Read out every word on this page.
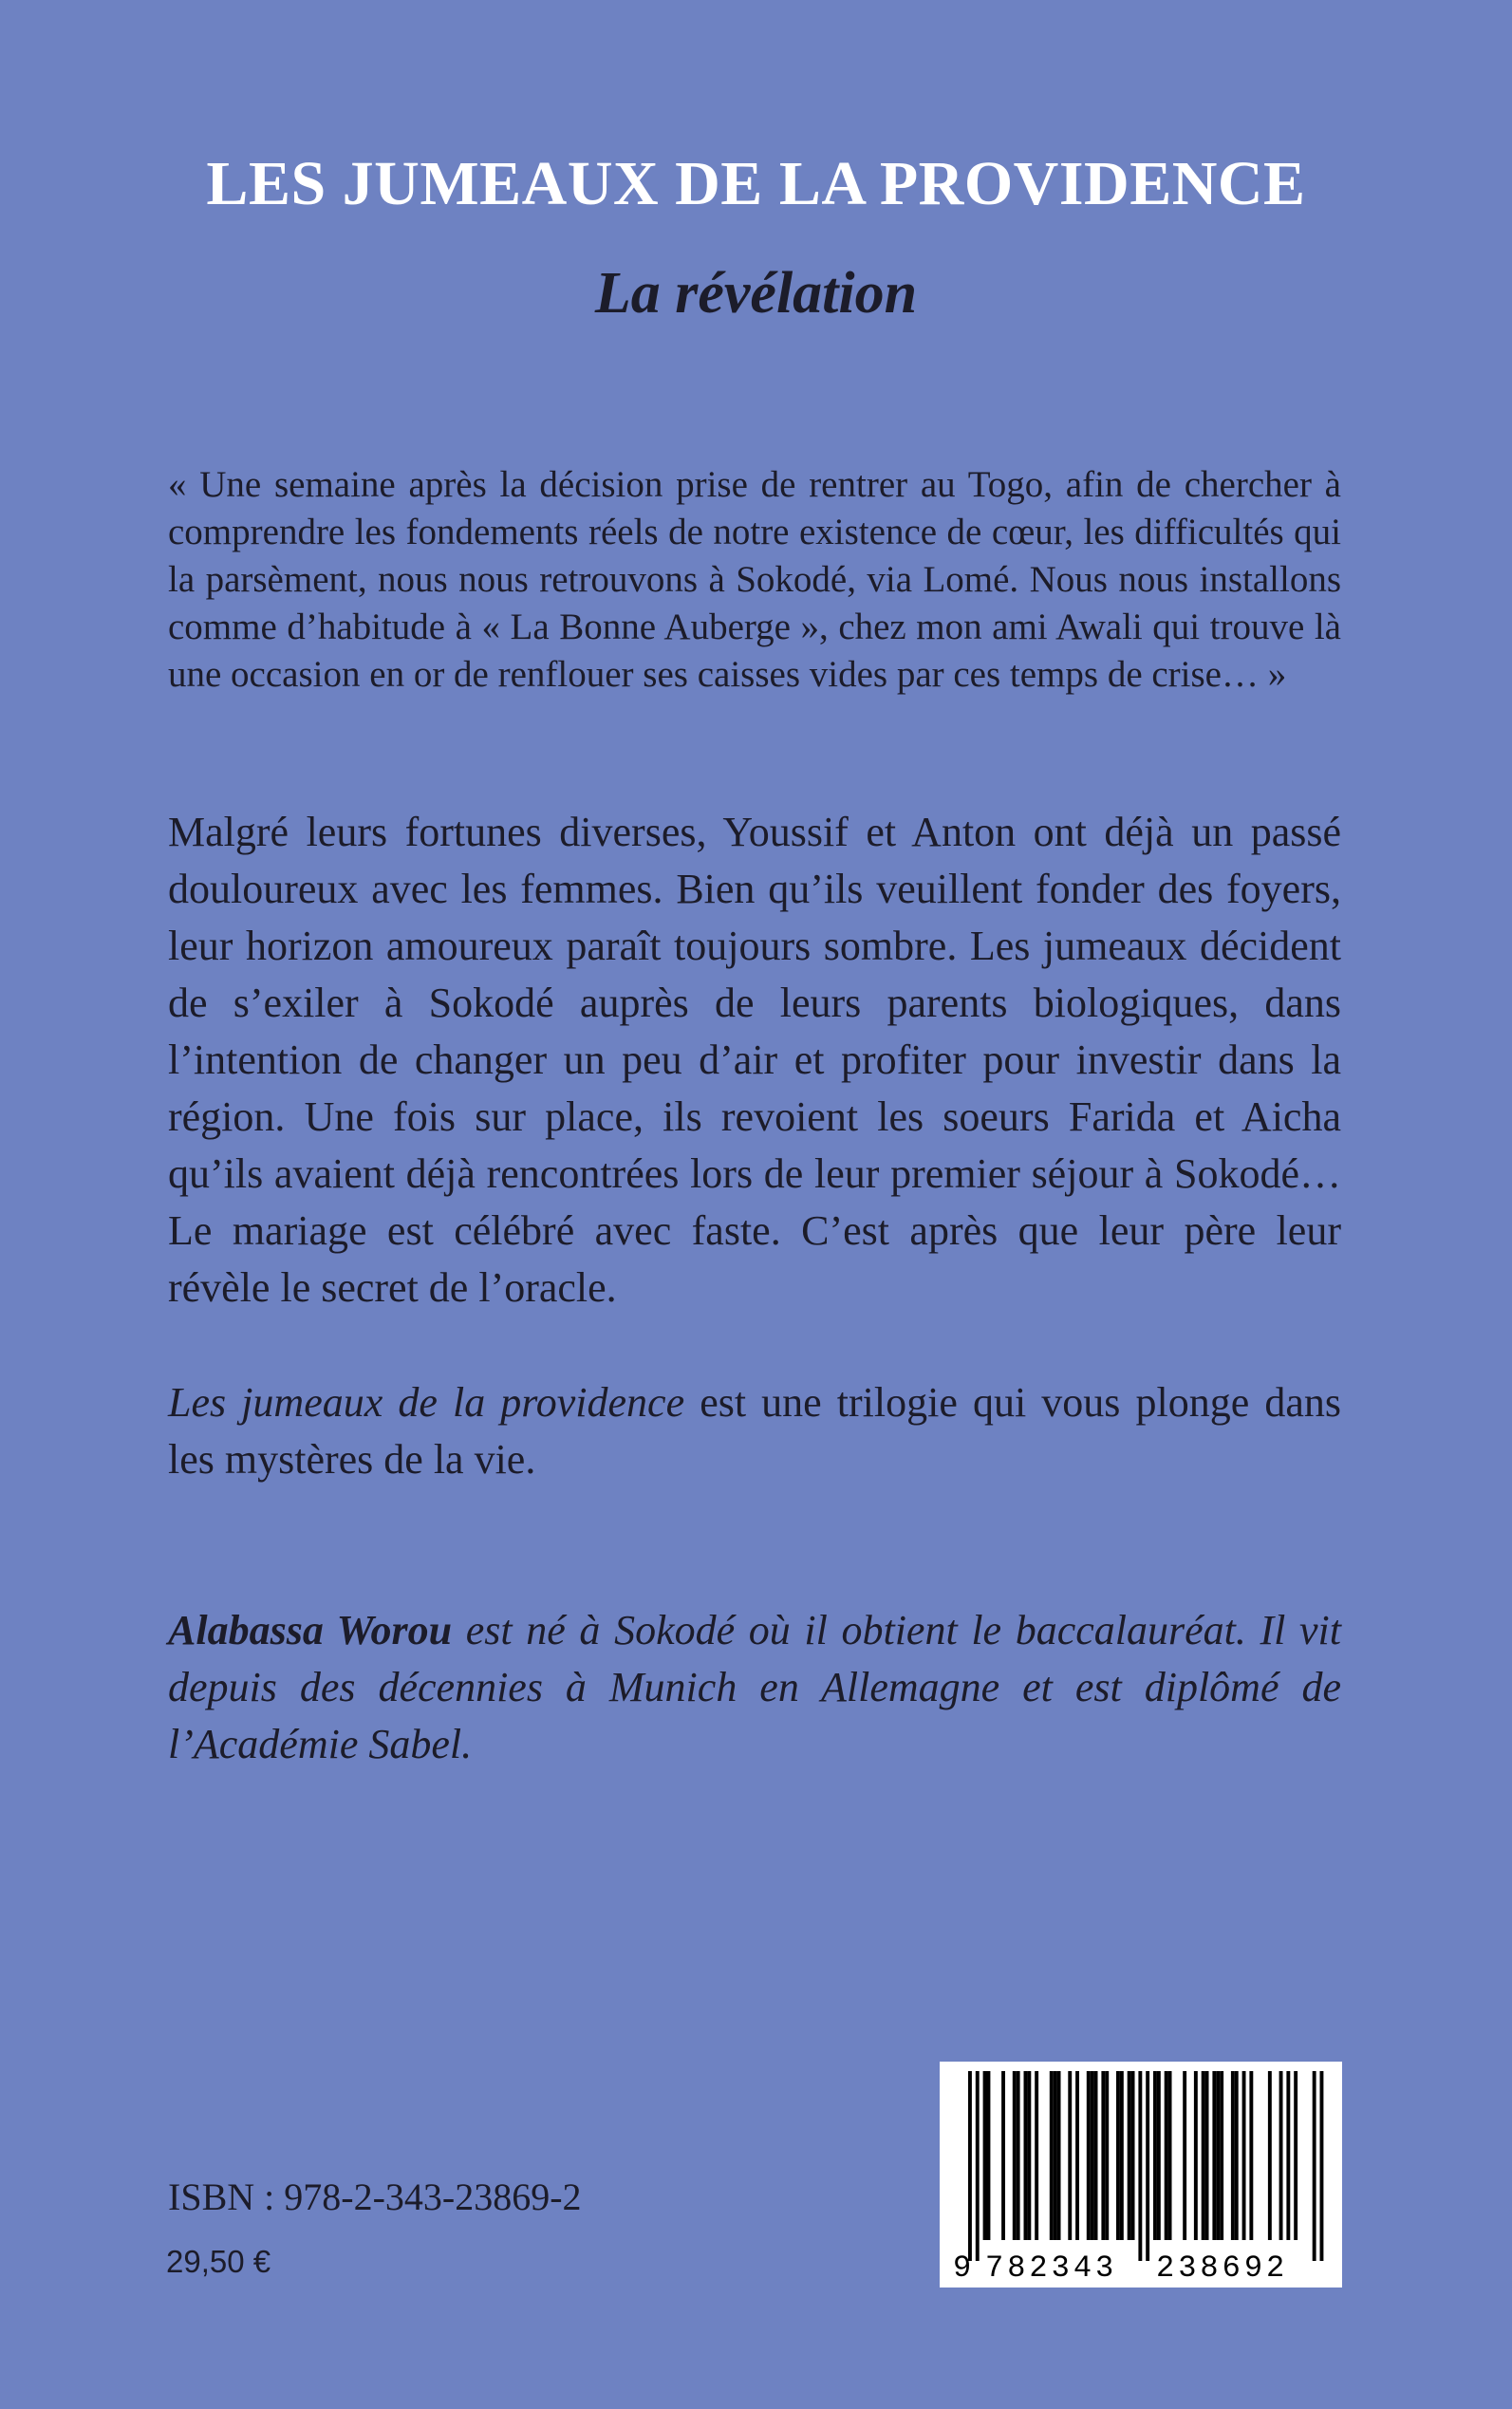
LES JUMEAUX DE LA PROVIDENCE
La révélation

« Une semaine après la décision prise de rentrer au Togo, afin de chercher à comprendre les fondements réels de notre existence de cœur, les difficultés qui la parsèment, nous nous retrouvons à Sokodé, via Lomé. Nous nous installons comme d’habitude à « La Bonne Auberge », chez mon ami Awali qui trouve là une occasion en or de renflouer ses caisses vides par ces temps de crise… »

Malgré leurs fortunes diverses, Youssif et Anton ont déjà un passé douloureux avec les femmes. Bien qu’ils veuillent fonder des foyers, leur horizon amoureux paraît toujours sombre. Les jumeaux décident de s’exiler à Sokodé auprès de leurs parents biologiques, dans l’intention de changer un peu d’air et profiter pour investir dans la région. Une fois sur place, ils revoient les soeurs Farida et Aicha qu’ils avaient déjà rencontrées lors de leur premier séjour à Sokodé… Le mariage est célébré avec faste. C’est après que leur père leur révèle le secret de l’oracle.

Les jumeaux de la providence est une trilogie qui vous plonge dans les mystères de la vie.

Alabassa Worou est né à Sokodé où il obtient le baccalauréat. Il vit depuis des décennies à Munich en Allemagne et est diplômé de l’Académie Sabel.

ISBN : 978-2-343-23869-2

29,50 €	9 782343 238692
